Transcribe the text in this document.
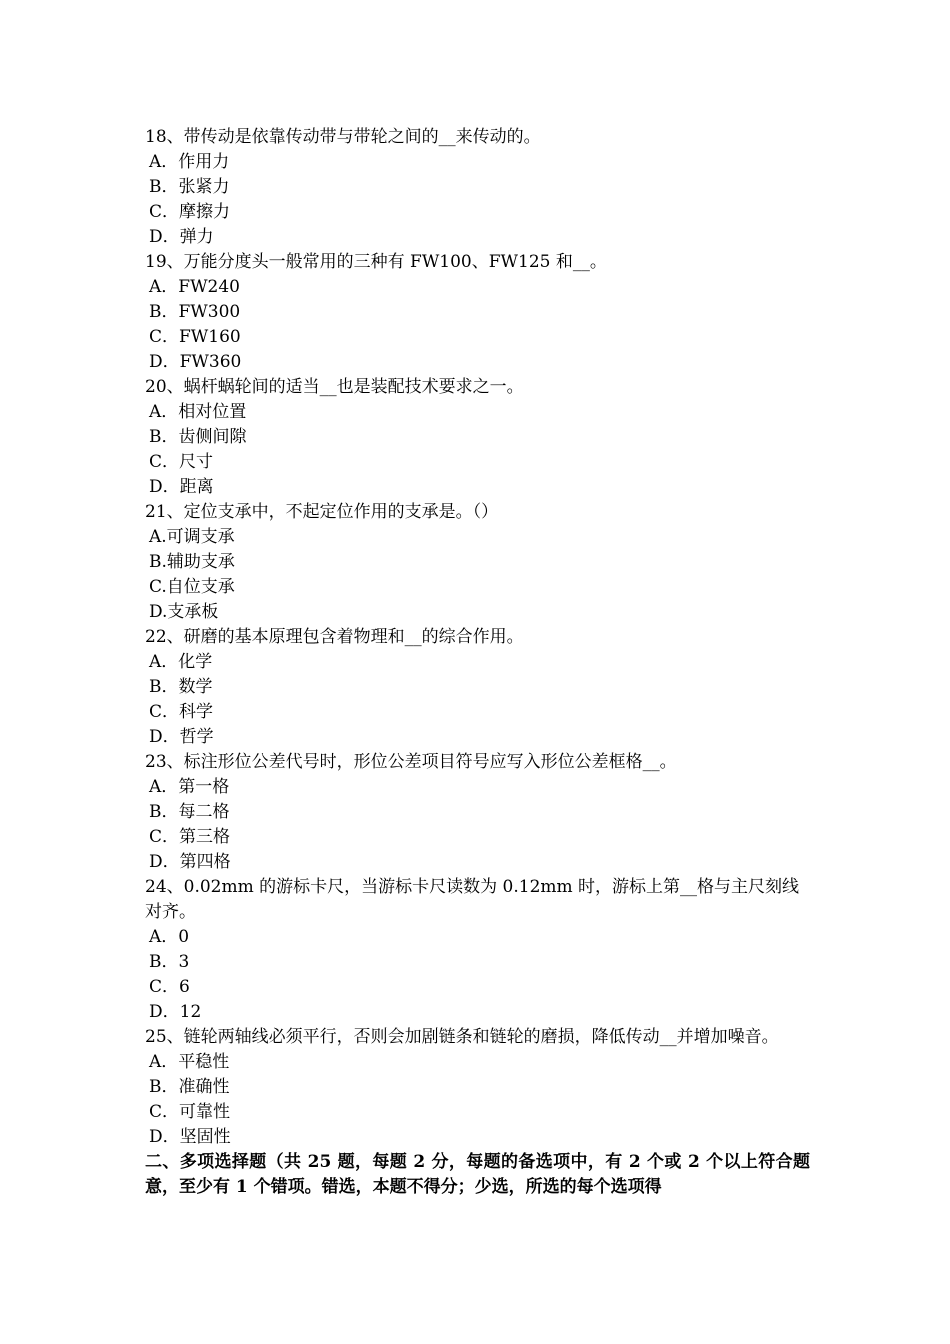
18、带传动是依靠传动带与带轮之间的__来传动的。

A．作用力

B．张紧力

C．摩擦力

D．弹力

19、万能分度头一般常用的三种有 FW100、FW125 和__。

A．FW240

B．FW300

C．FW160

D．FW360

20、蜗杆蜗轮间的适当__也是装配技术要求之一。

A．相对位置

B．齿侧间隙

C．尺寸

D．距离

21、定位支承中，不起定位作用的支承是。（）

A.可调支承

B.辅助支承

C.自位支承

D.支承板

22、研磨的基本原理包含着物理和__的综合作用。

A．化学

B．数学

C．科学

D．哲学

23、标注形位公差代号时，形位公差项目符号应写入形位公差框格__。

A．第一格

B．每二格

C．第三格

D．第四格

24、0.02mm 的游标卡尺，当游标卡尺读数为 0.12mm 时，游标上第__格与主尺刻线对齐。

A．0

B．3

C．6

D．12

25、链轮两轴线必须平行，否则会加剧链条和链轮的磨损，降低传动__并增加噪音。

A．平稳性

B．准确性

C．可靠性

D．坚固性

二、多项选择题（共 25 题，每题 2 分，每题的备选项中，有 2 个或 2 个以上符合题意，至少有 1 个错项。错选，本题不得分；少选，所选的每个选项得
